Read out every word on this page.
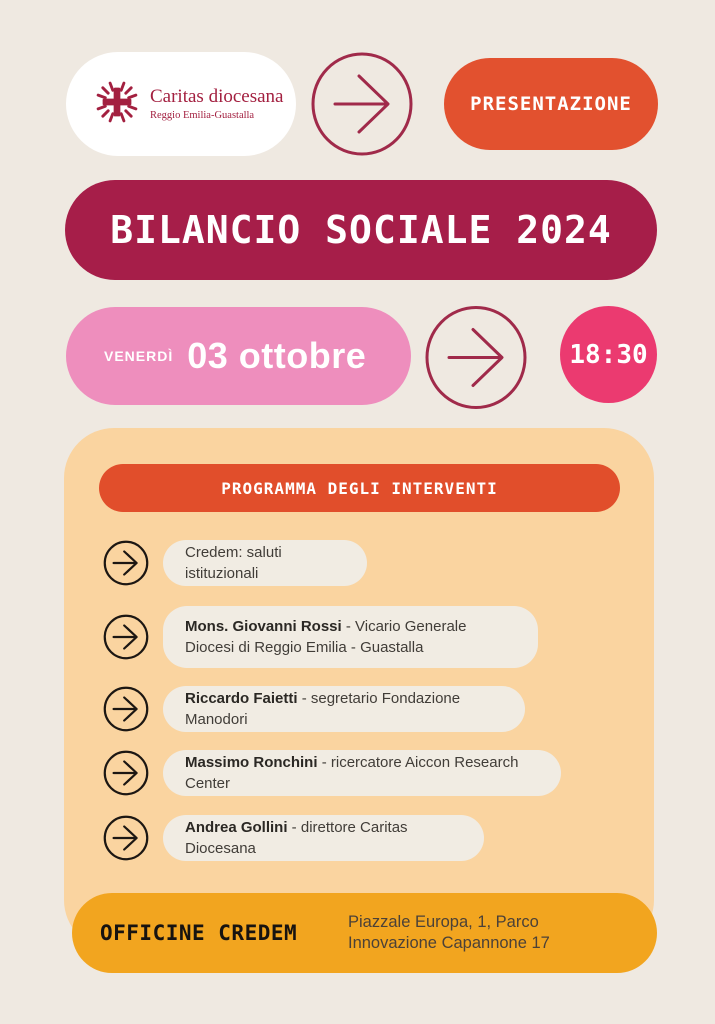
Caritas diocesana
Reggio Emilia-Guastalla
PRESENTAZIONE
BILANCIO SOCIALE 2024
VENERDÌ 03 ottobre	18:30
PROGRAMMA DEGLI INTERVENTI
Credem: saluti istituzionali
Mons. Giovanni Rossi - Vicario Generale Diocesi di Reggio Emilia - Guastalla
Riccardo Faietti - segretario Fondazione Manodori
Massimo Ronchini - ricercatore Aiccon Research Center
Andrea Gollini - direttore Caritas Diocesana
OFFICINE CREDEM	Piazzale Europa, 1, Parco Innovazione Capannone 17
